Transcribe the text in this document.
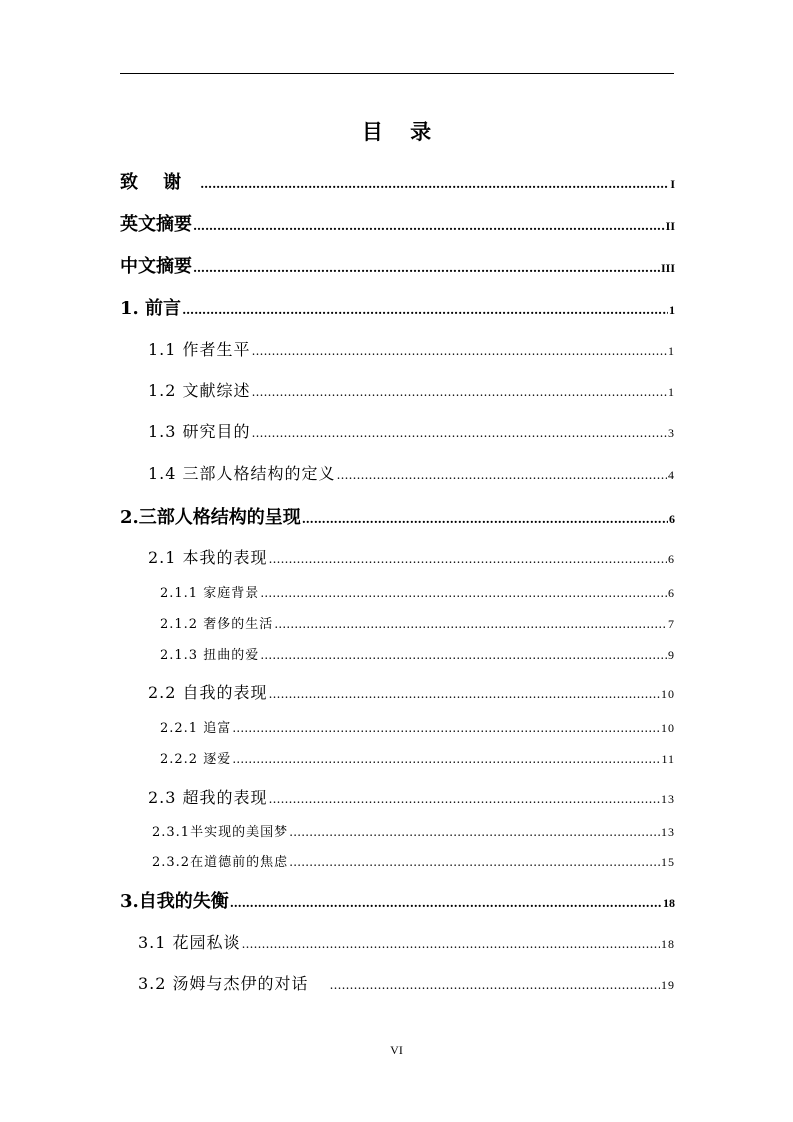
目 录
致    谢 …………………………………………………………………………………………………………………………………………………………………………………………………………	I
英文摘要 …………………………………………………………………………………………………………………………………………………………………………………………………………	II
中文摘要 …………………………………………………………………………………………………………………………………………………………………………………………………………	III
1. 前言 …………………………………………………………………………………………………………………………………………………………………………………………………………	1
1.1 作者生平 …………………………………………………………………………………………………………………………………………………………………………………………………………	1
1.2 文献综述 …………………………………………………………………………………………………………………………………………………………………………………………………………	1
1.3 研究目的 …………………………………………………………………………………………………………………………………………………………………………………………………………	3
1.4 三部人格结构的定义 …………………………………………………………………………………………………………………………………………………………………………………………………………	4
2.三部人格结构的呈现 …………………………………………………………………………………………………………………………………………………………………………………………………………	6
2.1 本我的表现 …………………………………………………………………………………………………………………………………………………………………………………………………………	6
2.1.1 家庭背景 …………………………………………………………………………………………………………………………………………………………………………………………………………	6
2.1.2 奢侈的生活 …………………………………………………………………………………………………………………………………………………………………………………………………………	7
2.1.3 扭曲的爱 …………………………………………………………………………………………………………………………………………………………………………………………………………	9
2.2 自我的表现 …………………………………………………………………………………………………………………………………………………………………………………………………………	10
2.2.1 追富 …………………………………………………………………………………………………………………………………………………………………………………………………………	10
2.2.2 逐爱 …………………………………………………………………………………………………………………………………………………………………………………………………………	11
2.3 超我的表现 …………………………………………………………………………………………………………………………………………………………………………………………………………	13
2.3.1半实现的美国梦 …………………………………………………………………………………………………………………………………………………………………………………………………………	13
2.3.2在道德前的焦虑 …………………………………………………………………………………………………………………………………………………………………………………………………………	15
3.自我的失衡 …………………………………………………………………………………………………………………………………………………………………………………………………………	18
3.1 花园私谈 …………………………………………………………………………………………………………………………………………………………………………………………………………	18
3.2 汤姆与杰伊的对话 …………………………………………………………………………………………………………………………………………………………………………………………………………	19
VI
